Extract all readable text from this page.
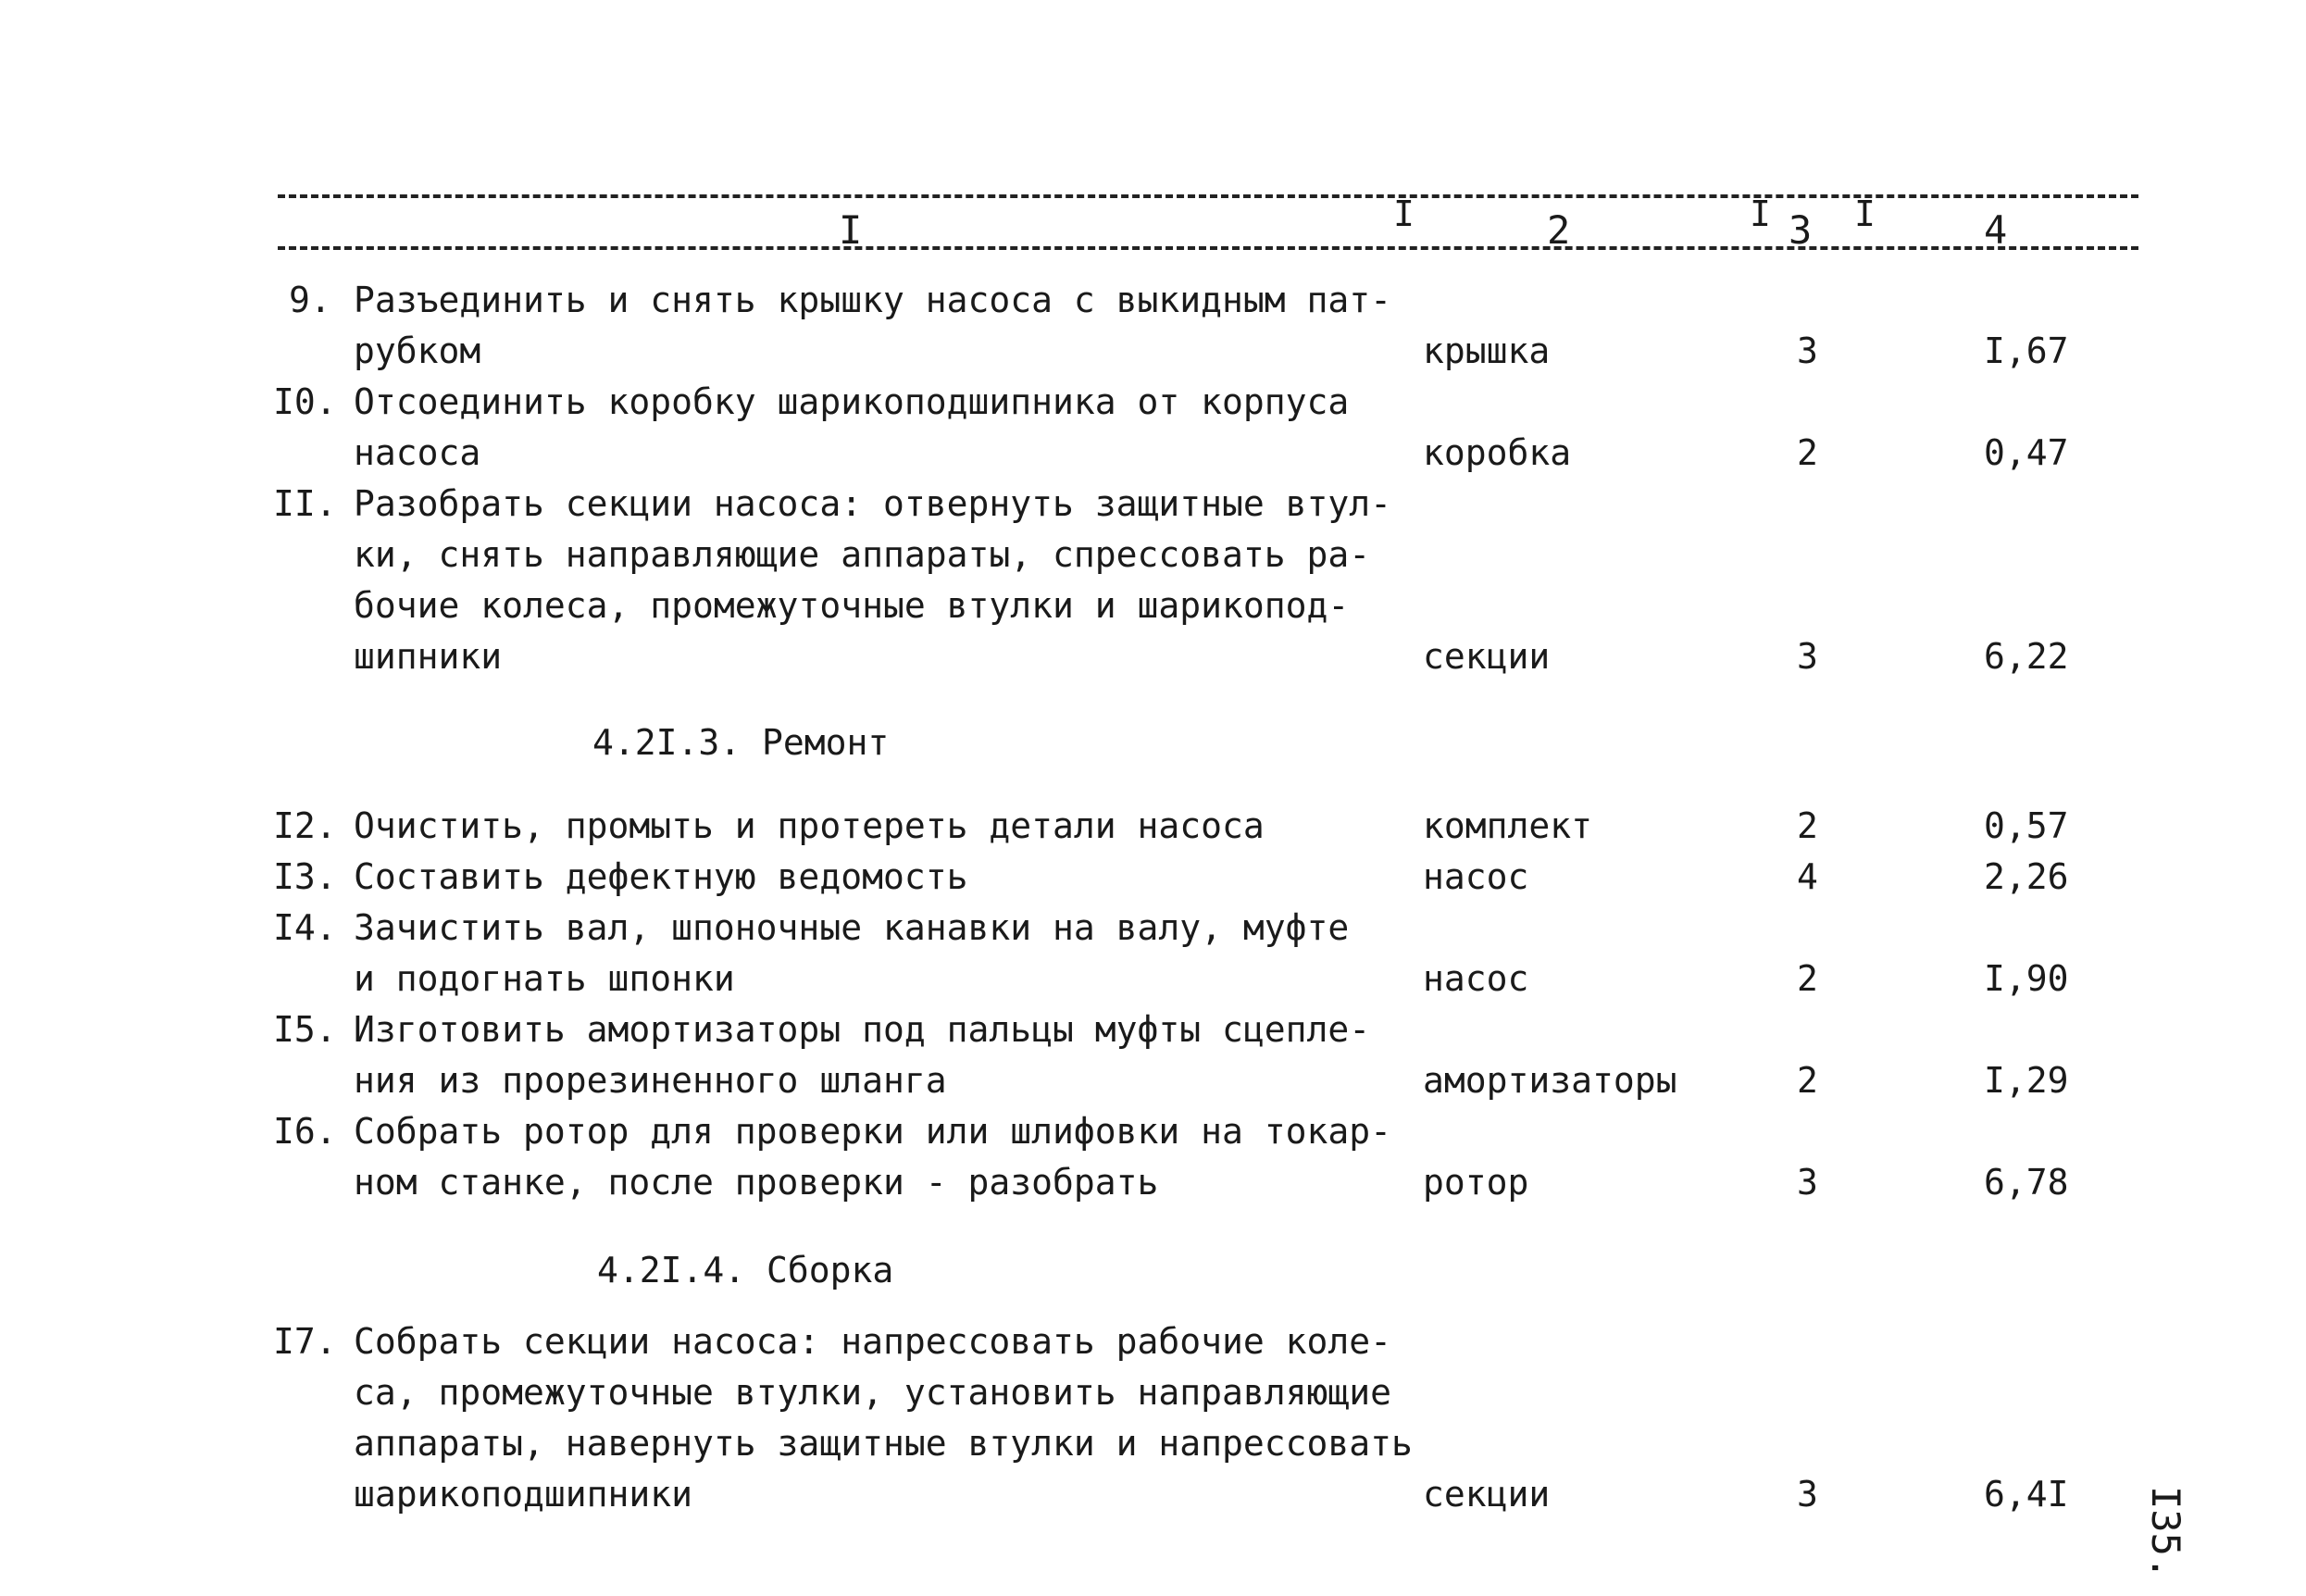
I	I I
I	2	3	4
9. Разъединить и снять крышку насоса с выкидным пат-
рубком	крышка	3	I,67
I0. Отсоединить коробку шарикоподшипника от корпуса
насоса	коробка	2	0,47
II. Разобрать секции насоса: отвернуть защитные втул-
ки, снять направляющие аппараты, спрессовать ра-
бочие колеса, промежуточные втулки и шарикопод-
шипники	секции	3	6,22
4.2I.3. Ремонт
I2. Очистить, промыть и протереть детали насоса	комплект	2	0,57
I3. Составить дефектную ведомость	насос	4	2,26
I4. Зачистить вал, шпоночные канавки на валу, муфте
и подогнать шпонки	насос	2	I,90
I5. Изготовить амортизаторы под пальцы муфты сцепле-
ния из прорезиненного шланга	амортизаторы	2	I,29
I6. Собрать ротор для проверки или шлифовки на токар-
ном станке, после проверки - разобрать	ротор	3	6,78
4.2I.4. Сборка
I7. Собрать секции насоса: напрессовать рабочие коле-
са, промежуточные втулки, установить направляющие
аппараты, навернуть защитные втулки и напрессовать
шарикоподшипники	секции	3	6,4I I35.
